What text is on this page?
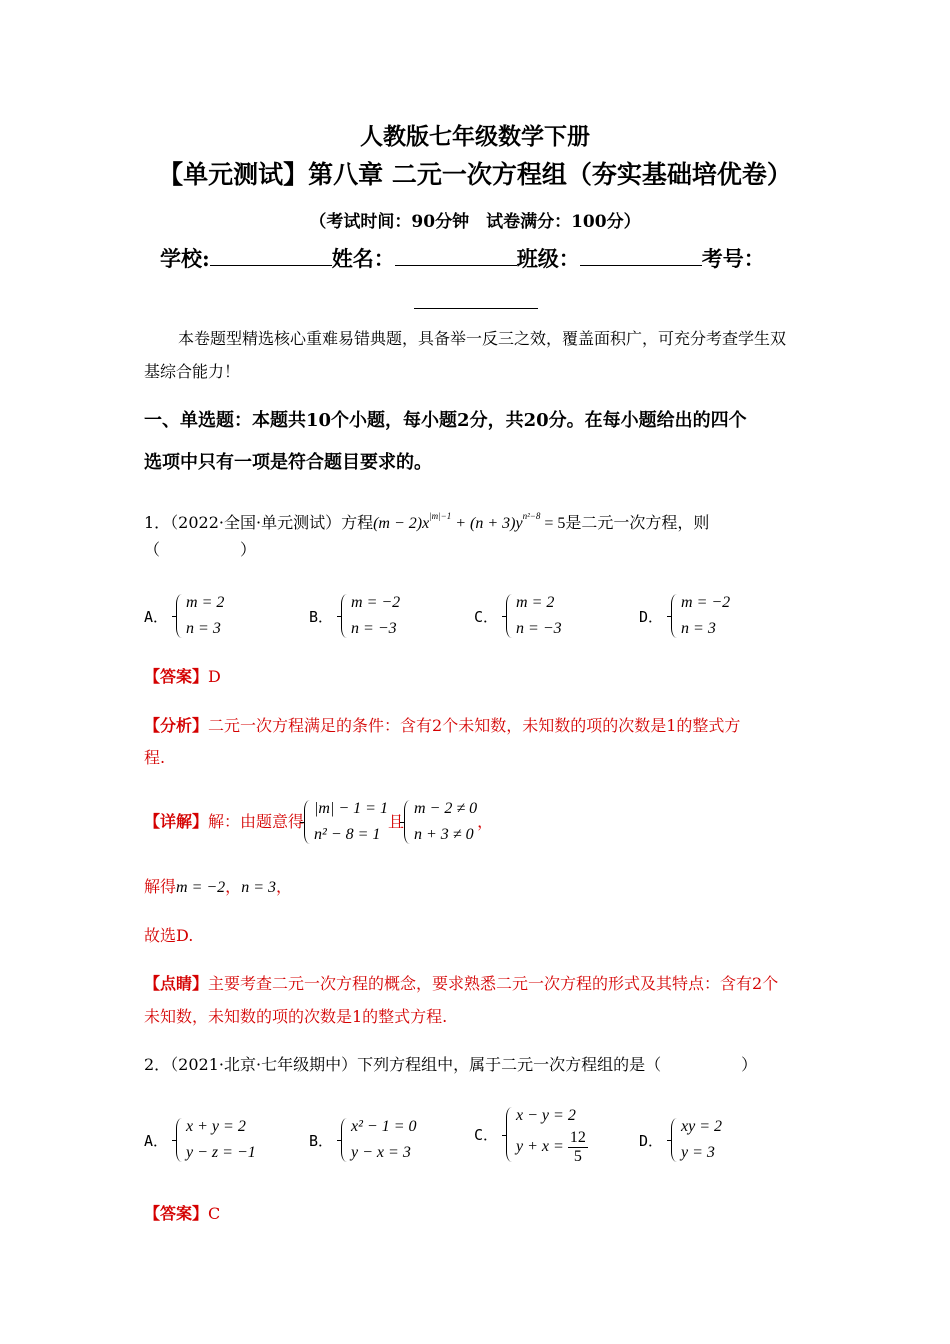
人教版七年级数学下册
【单元测试】第八章 二元一次方程组（夯实基础培优卷）
（考试时间：90分钟　试卷满分：100分）
学校:	姓名：	班级：	考号：
本卷题型精选核心重难易错典题，具备举一反三之效，覆盖面积广，可充分考查学生双
基综合能力！
一、单选题：本题共10个小题，每小题2分，共20分。在每小题给出的四个
选项中只有一项是符合题目要求的。
1．（2022·全国·单元测试）方程$(m - 2)x^{|m|-1} + (n + 3)y^{n^2-8} = 5$是二元一次方程，则
（　　　　　）
A．
m = 2
n = 3
B．
m = −2
n = −3
C．
m = 2
n = −3
D．
m = −2
n = 3
【答案】D
【分析】二元一次方程满足的条件：含有2个未知数，未知数的项的次数是1的整式方
程.
【详解】 解：由题意得
|m| − 1 = 1
n² − 8 = 1
且
m − 2 ≠ 0
n + 3 ≠ 0
，
解得m = −2，n = 3，
故选D.
【点睛】主要考查二元一次方程的概念，要求熟悉二元一次方程的形式及其特点：含有2个
未知数，未知数的项的次数是1的整式方程.
2．（2021·北京·七年级期中）下列方程组中，属于二元一次方程组的是（　　　　　）
A．
x + y = 2
y − z = −1
B．
x² − 1 = 0
y − x = 3
C．
x − y = 2
$y + x = \frac{12}{5}$	D．
xy = 2
y = 3
【答案】C
